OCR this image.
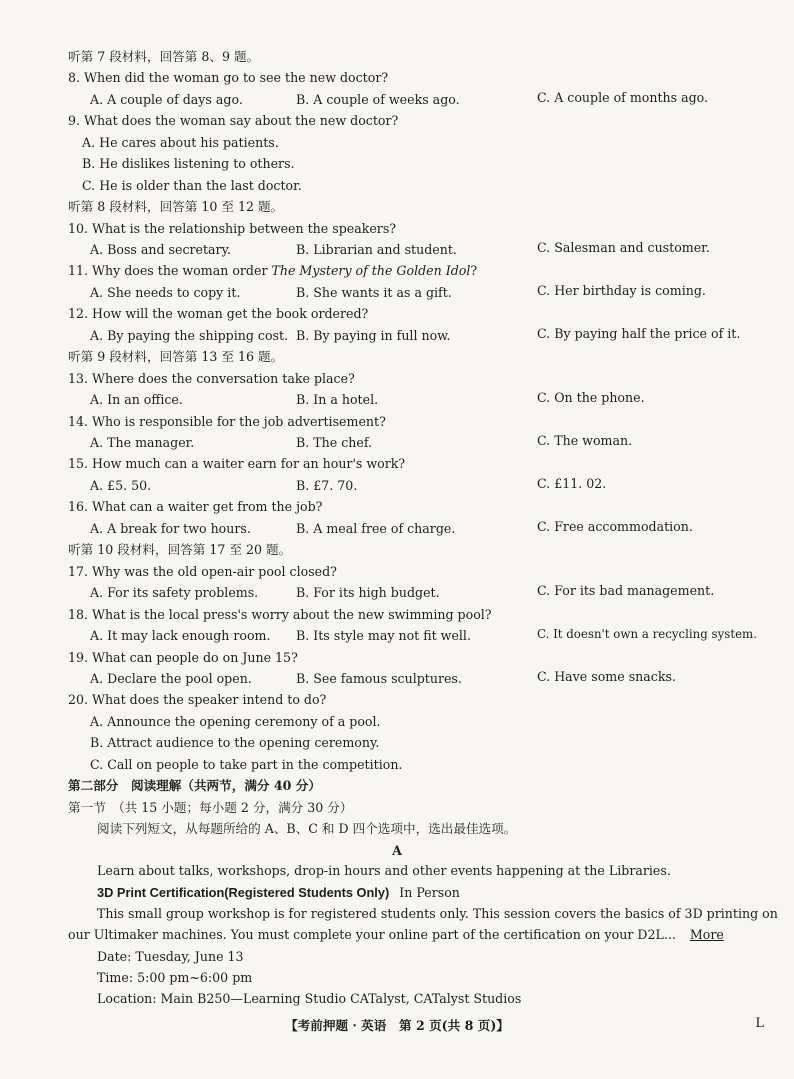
听第 7 段材料，回答第 8、9 题。
8. When did the woman go to see the new doctor?
A. A couple of days ago.	B. A couple of weeks ago.	C. A couple of months ago.
9. What does the woman say about the new doctor?
A. He cares about his patients.
B. He dislikes listening to others.
C. He is older than the last doctor.
听第 8 段材料，回答第 10 至 12 题。
10. What is the relationship between the speakers?
A. Boss and secretary.	B. Librarian and student.	C. Salesman and customer.
11. Why does the woman order The Mystery of the Golden Idol?
A. She needs to copy it.	B. She wants it as a gift.	C. Her birthday is coming.
12. How will the woman get the book ordered?
A. By paying the shipping cost. B. By paying in full now.	C. By paying half the price of it.
听第 9 段材料，回答第 13 至 16 题。
13. Where does the conversation take place?
A. In an office.	B. In a hotel.	C. On the phone.
14. Who is responsible for the job advertisement?
A. The manager.	B. The chef.	C. The woman.
15. How much can a waiter earn for an hour's work?
A. £5. 50.	B. £7. 70.	C. £11. 02.
16. What can a waiter get from the job?
A. A break for two hours.	B. A meal free of charge.	C. Free accommodation.
听第 10 段材料，回答第 17 至 20 题。
17. Why was the old open-air pool closed?
A. For its safety problems.	B. For its high budget.	C. For its bad management.
18. What is the local press's worry about the new swimming pool?
A. It may lack enough room. B. Its style may not fit well.	C. It doesn't own a recycling system.
19. What can people do on June 15?
A. Declare the pool open.	B. See famous sculptures.	C. Have some snacks.
20. What does the speaker intend to do?
A. Announce the opening ceremony of a pool.
B. Attract audience to the opening ceremony.
C. Call on people to take part in the competition.
第二部分　阅读理解（共两节，满分 40 分）
第一节　（共 15 小题；每小题 2 分，满分 30 分）
阅读下列短文，从每题所给的 A、B、C 和 D 四个选项中，选出最佳选项。
A
Learn about talks, workshops, drop-in hours and other events happening at the Libraries.
3D Print Certification(Registered Students Only) In Person
This small group workshop is for registered students only. This session covers the basics of 3D printing on
our Ultimaker machines. You must complete your online part of the certification on your D2L... More
Date: Tuesday, June 13
Time: 5:00 pm~6:00 pm
Location: Main B250—Learning Studio CATalyst, CATalyst Studios
【考前押题 · 英语　第 2 页(共 8 页)】	L
